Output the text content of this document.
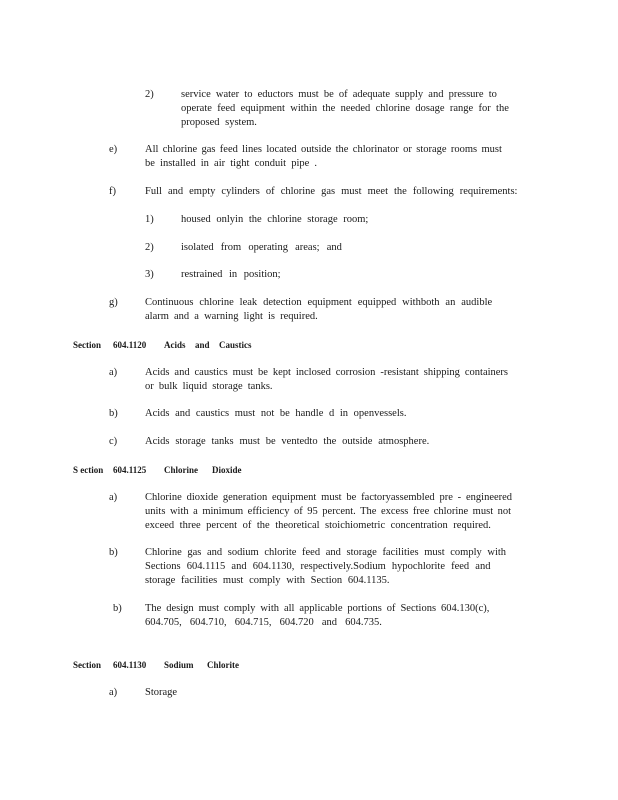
2)	service water to eductors must be of adequate supply and pressure to
operate feed equipment within the needed chlorine dosage range for the
proposed system.
e)	All chlorine gas feed lines located outside the chlorinator or storage rooms must
be installed in air tight conduit pipe .
f)	Full and empty cylinders of chlorine gas must meet the following requirements:
1)	housed onlyin the chlorine storage room;
2)	isolated from operating areas; and
3)	restrained in position;
g)	Continuous chlorine leak detection equipment equipped withboth an audible
alarm and a warning light is required.
Section 604.1120 Acids and Caustics
a)	Acids and caustics must be kept inclosed corrosion -resistant shipping containers
or bulk liquid storage tanks.
b)	Acids and caustics must not be handle d in openvessels.
c)	Acids storage tanks must be ventedto the outside atmosphere.
S ection 604.1125 Chlorine Dioxide
a)	Chlorine dioxide generation equipment must be factoryassembled pre - engineered
units with a minimum efficiency of 95 percent. The excess free chlorine must not
exceed three percent of the theoretical stoichiometric concentration required.
b)	Chlorine gas and sodium chlorite feed and storage facilities must comply with
Sections 604.1115 and 604.1130, respectively.Sodium hypochlorite feed and
storage facilities must comply with Section 604.1135.
b) The design must comply with all applicable portions of Sections 604.130(c),
604.705, 604.710, 604.715, 604.720 and 604.735.
Section 604.1130 Sodium Chlorite
a)	Storage
